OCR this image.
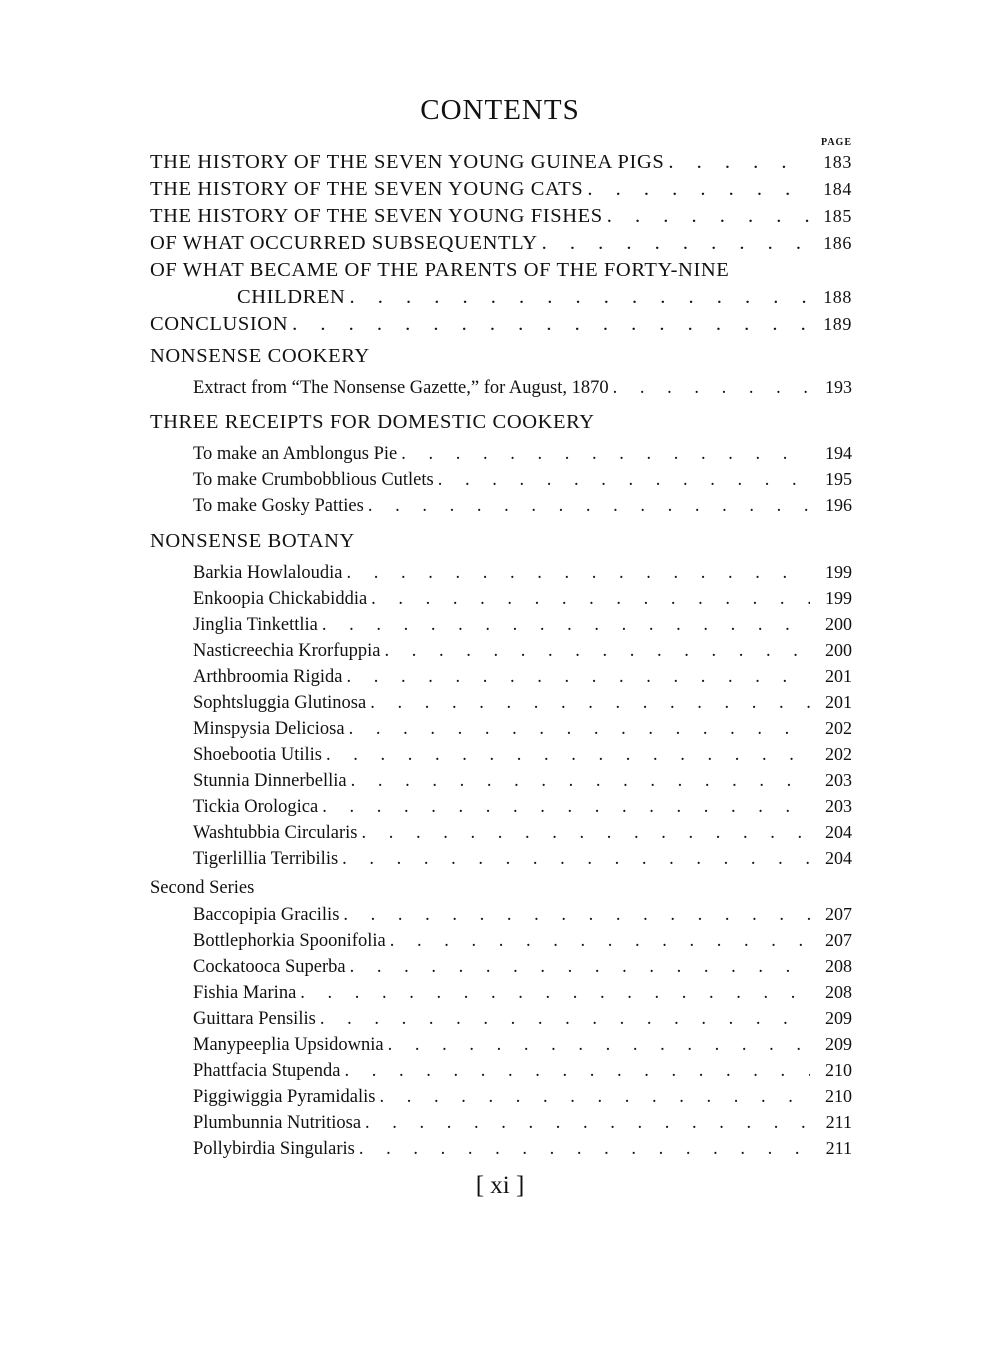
CONTENTS
PAGE
THE HISTORY OF THE SEVEN YOUNG GUINEA PIGS . . .	183
THE HISTORY OF THE SEVEN YOUNG CATS . . .	184
THE HISTORY OF THE SEVEN YOUNG FISHES . . .	185
OF WHAT OCCURRED SUBSEQUENTLY . . .	186
OF WHAT BECAME OF THE PARENTS OF THE FORTY-NINE
CHILDREN . . .	188
CONCLUSION . . .	189
NONSENSE COOKERY
Extract from “The Nonsense Gazette,” for August, 1870 . . .	193
THREE RECEIPTS FOR DOMESTIC COOKERY
To make an Amblongus Pie . . .	194
To make Crumbobblious Cutlets . . .	195
To make Gosky Patties . . .	196
NONSENSE BOTANY
Barkia Howlaloudia . . .	199
Enkoopia Chickabiddia . . .	199
Jinglia Tinkettlia . . .	200
Nasticreechia Krorfuppia . . .	200
Arthbroomia Rigida . . .	201
Sophtsluggia Glutinosa . . .	201
Minspysia Deliciosa . . .	202
Shoebootia Utilis . . .	202
Stunnia Dinnerbellia . . .	203
Tickia Orologica . . .	203
Washtubbia Circularis . . .	204
Tigerlillia Terribilis . . .	204
Second Series
Baccopipia Gracilis . . .	207
Bottlephorkia Spoonifolia . . .	207
Cockatooca Superba . . .	208
Fishia Marina . . .	208
Guittara Pensilis . . .	209
Manypeeplia Upsidownia . . .	209
Phattfacia Stupenda . . .	210
Piggiwiggia Pyramidalis . . .	210
Plumbunnia Nutritiosa . . .	211
Pollybirdia Singularis . . .	211
[ xi ]
